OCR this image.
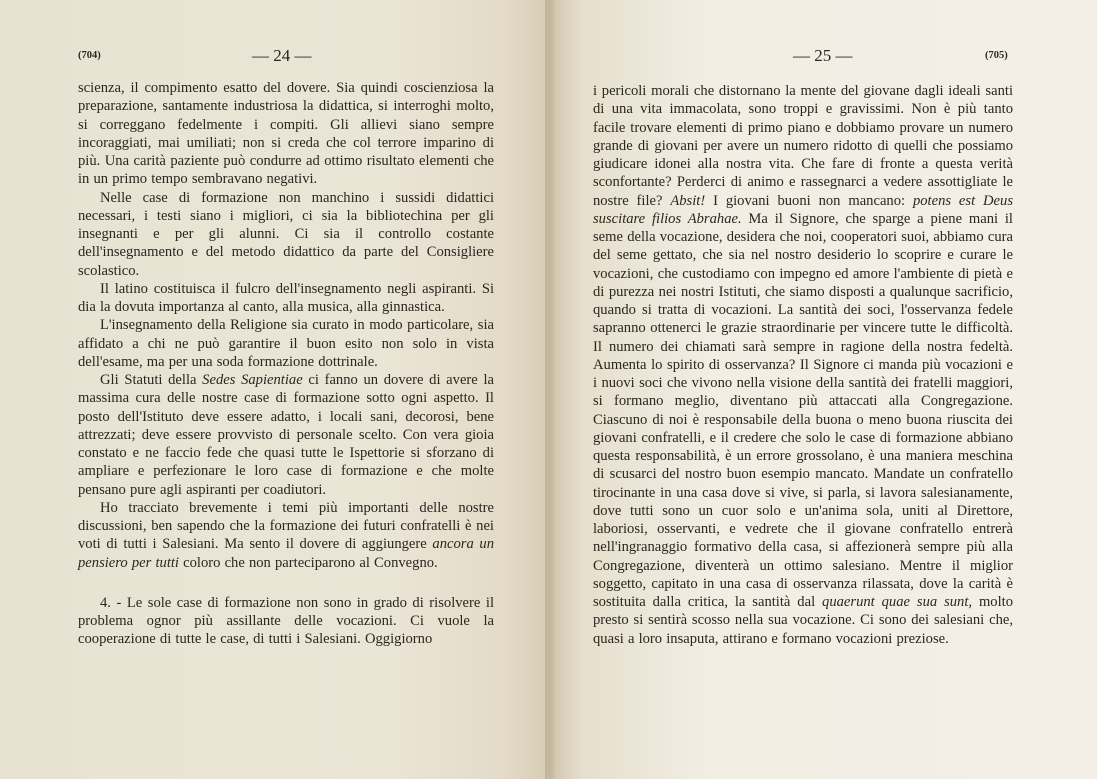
(704)	— 24 —

scienza, il compimento esatto del dovere. Sia quindi coscienziosa la preparazione, santamente industriosa la didattica, si interroghi molto, si correggano fedelmente i compiti. Gli allievi siano sempre incoraggiati, mai umiliati; non si creda che col terrore imparino di più. Una carità paziente può condurre ad ottimo risultato elementi che in un primo tempo sembravano negativi.

Nelle case di formazione non manchino i sussidi didattici necessari, i testi siano i migliori, ci sia la bibliotechina per gli insegnanti e per gli alunni. Ci sia il controllo costante dell'insegnamento e del metodo didattico da parte del Consigliere scolastico.

Il latino costituisca il fulcro dell'insegnamento negli aspiranti. Si dia la dovuta importanza al canto, alla musica, alla ginnastica.

L'insegnamento della Religione sia curato in modo particolare, sia affidato a chi ne può garantire il buon esito non solo in vista dell'esame, ma per una soda formazione dottrinale.

Gli Statuti della Sedes Sapientiae ci fanno un dovere di avere la massima cura delle nostre case di formazione sotto ogni aspetto. Il posto dell'Istituto deve essere adatto, i locali sani, decorosi, bene attrezzati; deve essere provvisto di personale scelto. Con vera gioia constato e ne faccio fede che quasi tutte le Ispettorie si sforzano di ampliare e perfezionare le loro case di formazione e che molte pensano pure agli aspiranti per coadiutori.

Ho tracciato brevemente i temi più importanti delle nostre discussioni, ben sapendo che la formazione dei futuri confratelli è nei voti di tutti i Salesiani. Ma sento il dovere di aggiungere ancora un pensiero per tutti coloro che non parteciparono al Convegno.

4. - Le sole case di formazione non sono in grado di risolvere il problema ognor più assillante delle vocazioni. Ci vuole la cooperazione di tutte le case, di tutti i Salesiani. Oggigiorno

— 25 —	(705)

i pericoli morali che distornano la mente del giovane dagli ideali santi di una vita immacolata, sono troppi e gravissimi. Non è più tanto facile trovare elementi di primo piano e dobbiamo provare un numero grande di giovani per avere un numero ridotto di quelli che possiamo giudicare idonei alla nostra vita. Che fare di fronte a questa verità sconfortante? Perderci di animo e rassegnarci a vedere assottigliate le nostre file? Absit! I giovani buoni non mancano: potens est Deus suscitare filios Abrahae. Ma il Signore, che sparge a piene mani il seme della vocazione, desidera che noi, cooperatori suoi, abbiamo cura del seme gettato, che sia nel nostro desiderio lo scoprire e curare le vocazioni, che custodiamo con impegno ed amore l'ambiente di pietà e di purezza nei nostri Istituti, che siamo disposti a qualunque sacrificio, quando si tratta di vocazioni. La santità dei soci, l'osservanza fedele sapranno ottenerci le grazie straordinarie per vincere tutte le difficoltà. Il numero dei chiamati sarà sempre in ragione della nostra fedeltà. Aumenta lo spirito di osservanza? Il Signore ci manda più vocazioni e i nuovi soci che vivono nella visione della santità dei fratelli maggiori, si formano meglio, diventano più attaccati alla Congregazione. Ciascuno di noi è responsabile della buona o meno buona riuscita dei giovani confratelli, e il credere che solo le case di formazione abbiano questa responsabilità, è un errore grossolano, è una maniera meschina di scusarci del nostro buon esempio mancato. Mandate un confratello tirocinante in una casa dove si vive, si parla, si lavora salesianamente, dove tutti sono un cuor solo e un'anima sola, uniti al Direttore, laboriosi, osservanti, e vedrete che il giovane confratello entrerà nell'ingranaggio formativo della casa, si affezionerà sempre più alla Congregazione, diventerà un ottimo salesiano. Mentre il miglior soggetto, capitato in una casa di osservanza rilassata, dove la carità è sostituita dalla critica, la santità dal quaerunt quae sua sunt, molto presto si sentirà scosso nella sua vocazione. Ci sono dei salesiani che, quasi a loro insaputa, attirano e formano vocazioni preziose.
